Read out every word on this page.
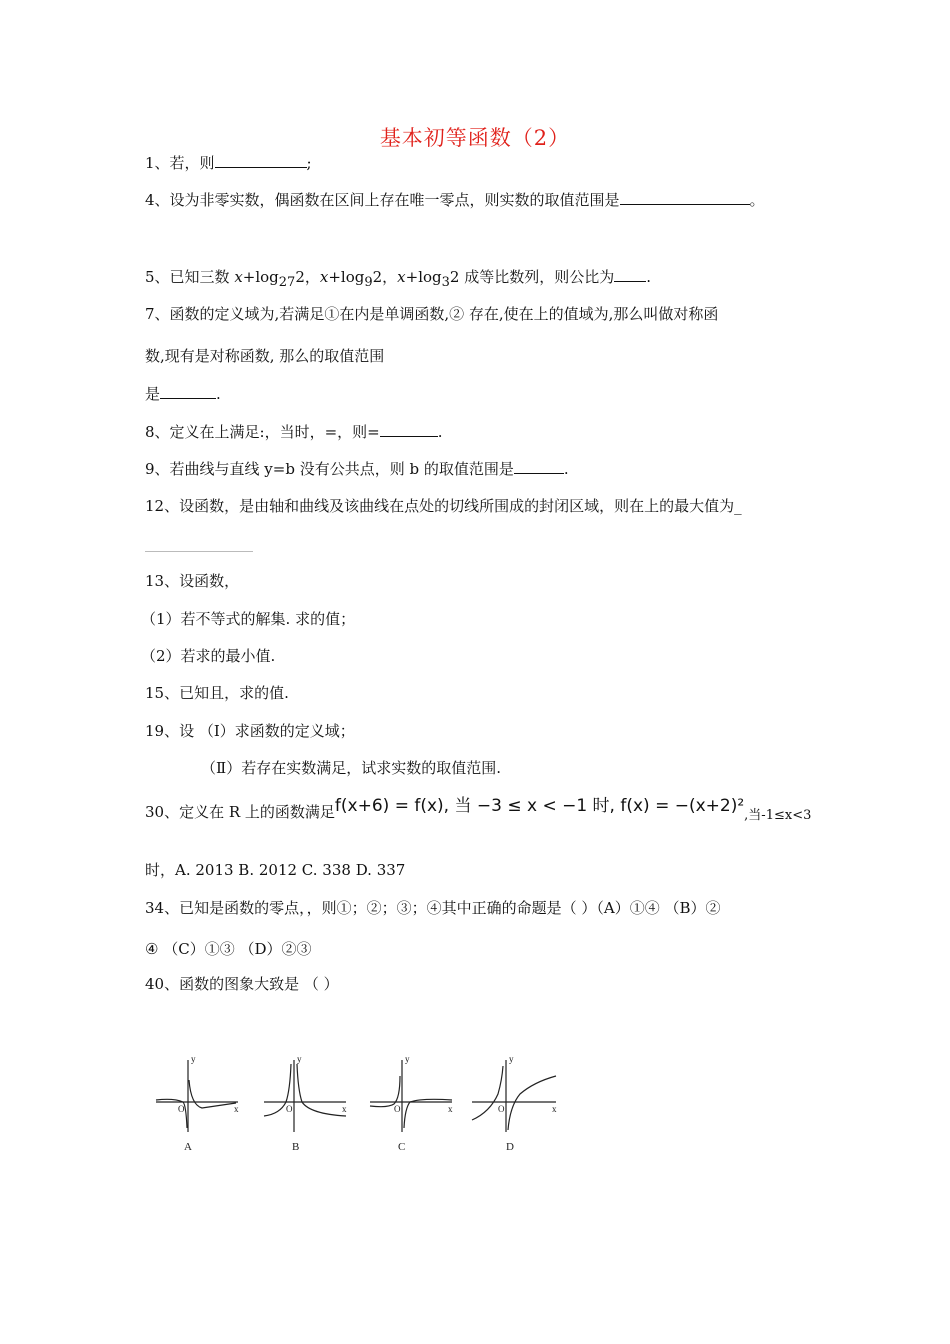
基本初等函数（2）
1、若，则	;
4、设为非零实数，偶函数在区间上存在唯一零点，则实数的取值范围是	。
5、已知三数 $x+\log_{27}2$，$x+\log_92$，$x+\log_32$ 成等比数列，则公比为 .
7、函数的定义域为,若满足①在内是单调函数,② 存在,使在上的值域为,那么叫做对称函
数,现有是对称函数, 那么的取值范围
是	.
8、定义在上满足:，当时，=，则=	.
9、若曲线与直线 y=b 没有公共点，则 b 的取值范围是	.
12、设函数，是由轴和曲线及该曲线在点处的切线所围成的封闭区域，则在上的最大值为_
13、设函数，
（1）若不等式的解集. 求的值；
（2）若求的最小值.
15、已知且，求的值.
19、设 （Ⅰ）求函数的定义域；
（Ⅱ）若存在实数满足，试求实数的取值范围.
30、定义在 R 上的函数满足f(x+6) = f(x), 当 −3 ≤ x < −1 时, f(x) = −(x+2)²,当-1≤x<3
时，A. 2013 B. 2012 C. 338 D. 337
34、已知是函数的零点，，则①；②；③；④其中正确的命题是（ ）（A）①④ （B）②
④ （C）①③ （D）②③
40、函数的图象大致是 （ ）
y
x
O
y
x
O
y
x
O
y
x
O
A	B	C	D
